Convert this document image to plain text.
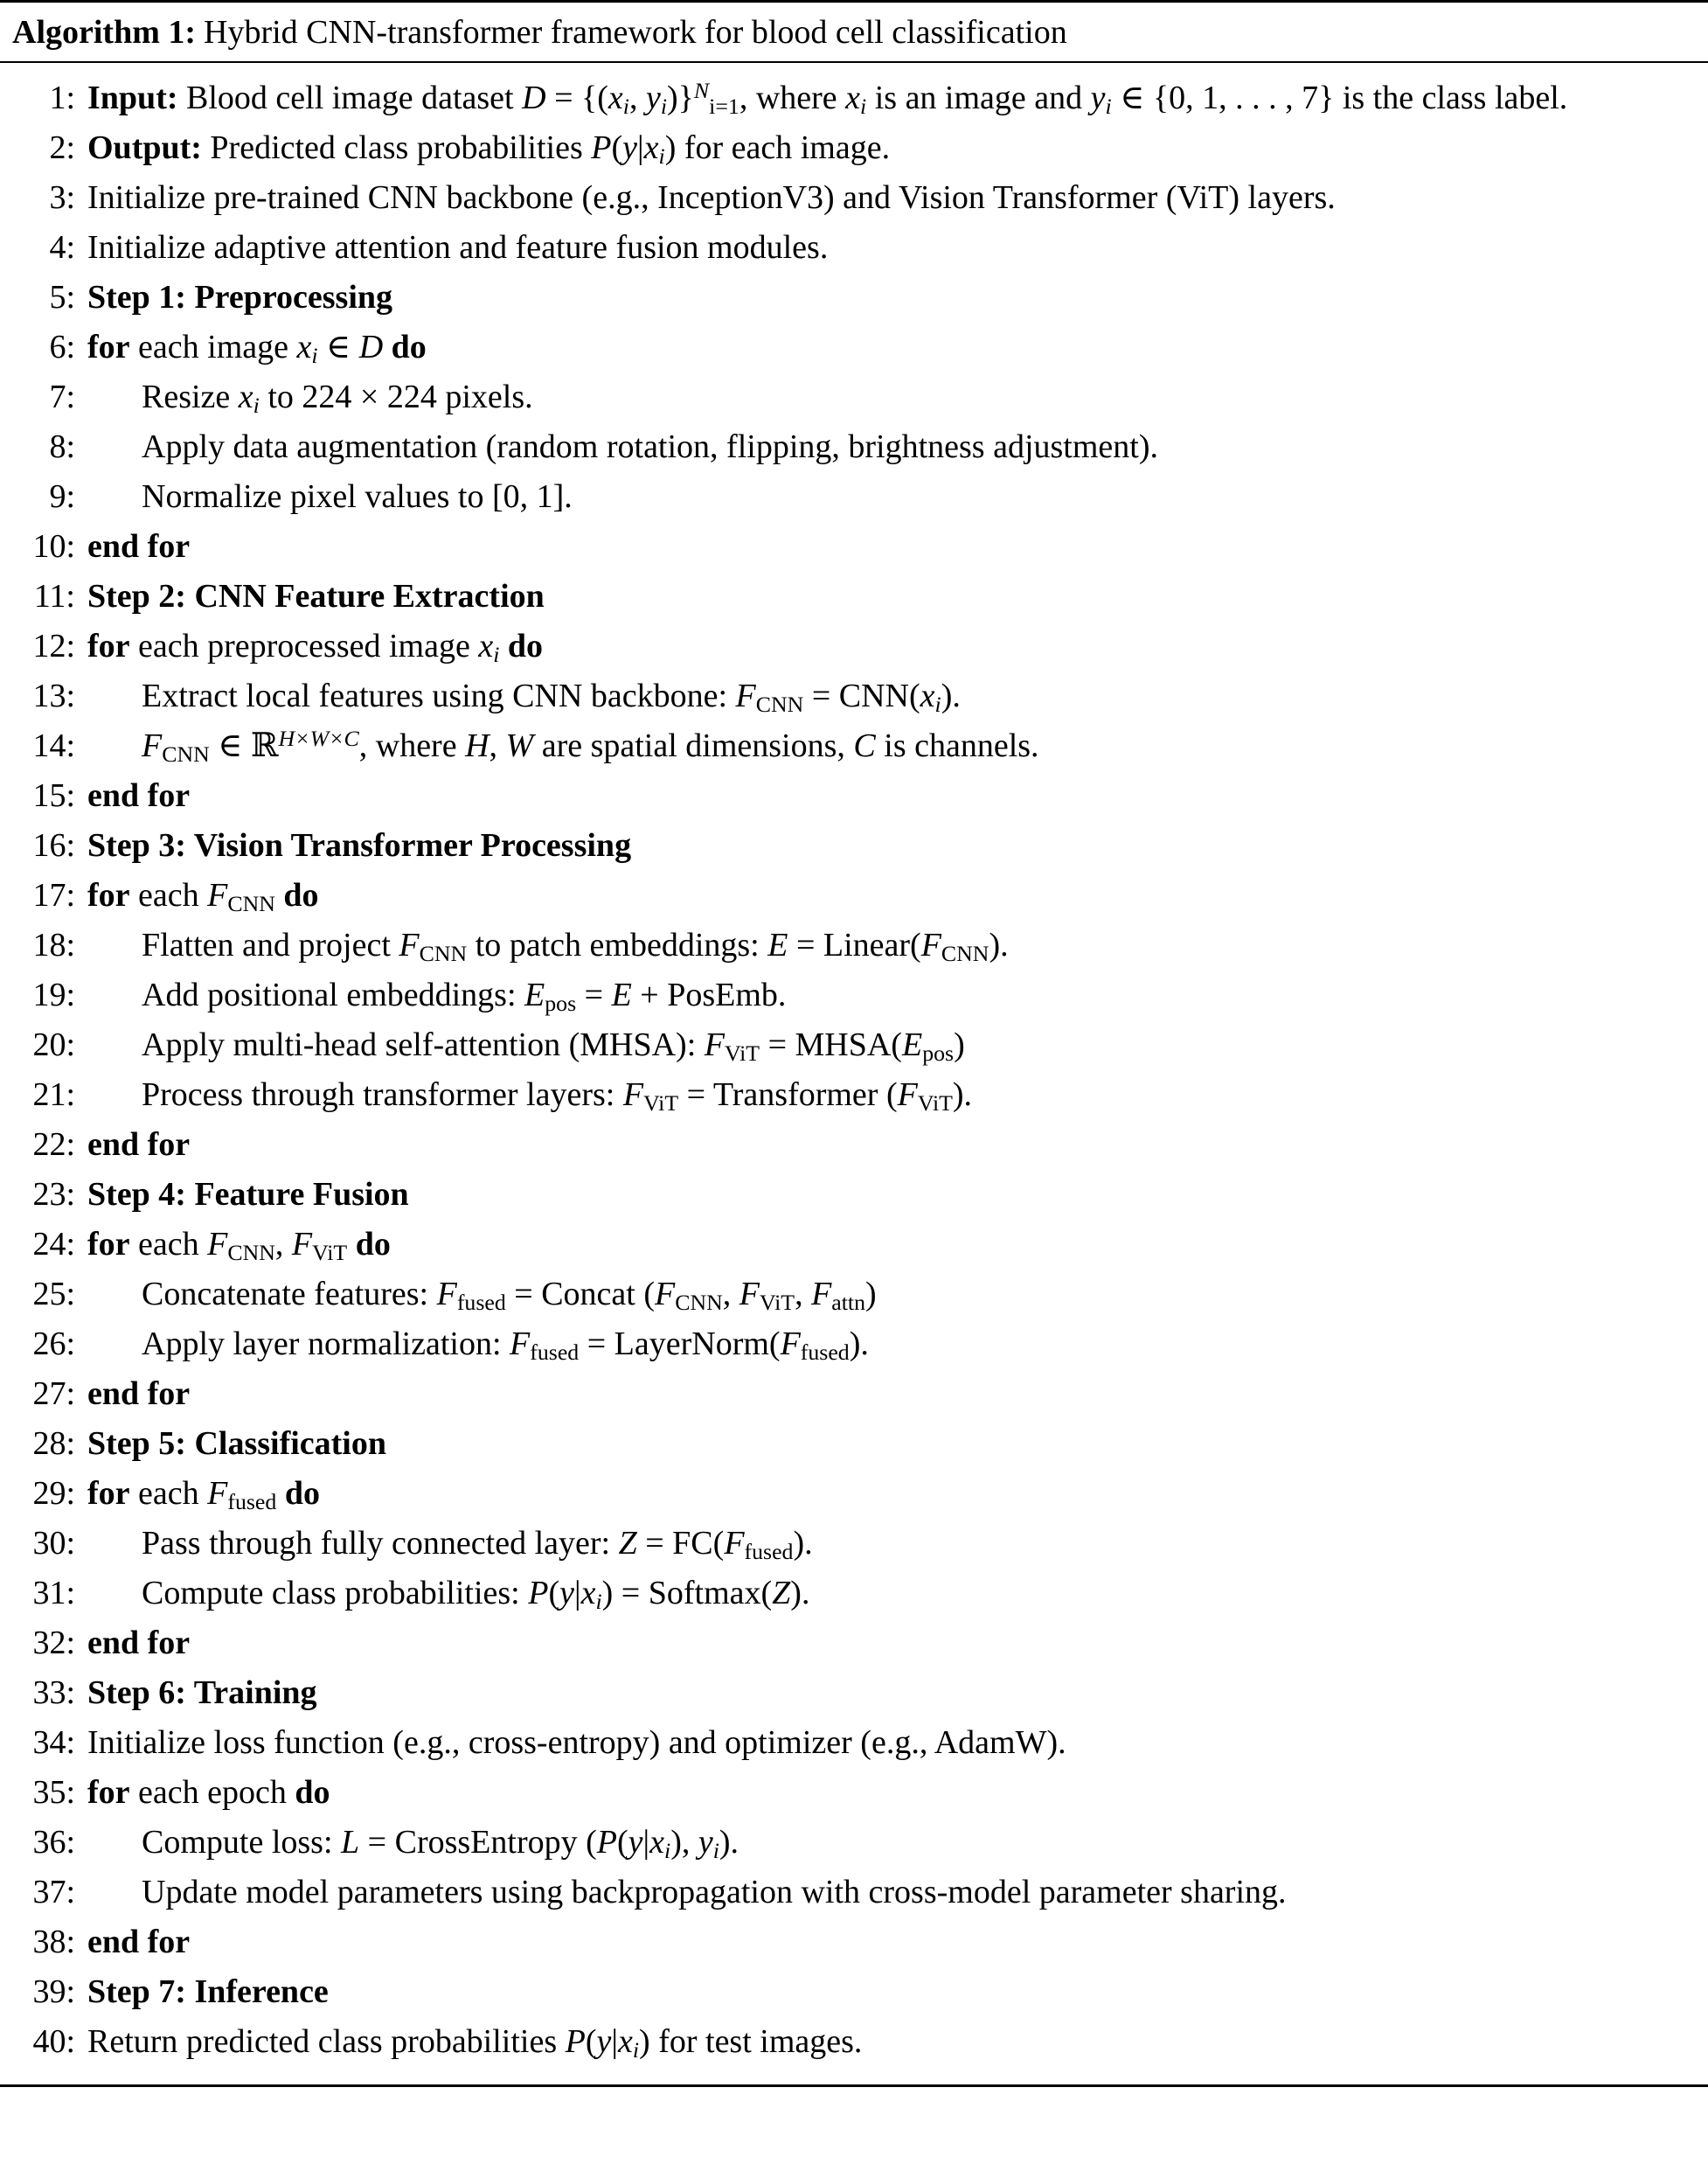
Algorithm 1: Hybrid CNN-transformer framework for blood cell classification
1: Input: Blood cell image dataset $D = \{(x_i$, $y_i)\}^N_{i=1}$, where $x_i$ is an image and $y_i$ ∈ {0, 1, . . . , 7} is the class label.
2: Output: Predicted class probabilities $P(y|x_i)$ for each image.
3: Initialize pre-trained CNN backbone (e.g., InceptionV3) and Vision Transformer (ViT) layers.
4: Initialize adaptive attention and feature fusion modules.
5: Step 1: Preprocessing
6: for each image $x_i$ ∈ D do
7:	Resize $x_i$ to 224 × 224 pixels.
8:	Apply data augmentation (random rotation, flipping, brightness adjustment).
9:	Normalize pixel values to [0, 1].
10: end for
11: Step 2: CNN Feature Extraction
12: for each preprocessed image $x_i$ do
13:	Extract local features using CNN backbone: $F_{CNN} = CNN(x_i)$.
14:	$F_{CNN}$ ∈ ℝ$^{H\times W\times C}$, where H, W are spatial dimensions, C is channels.
15: end for
16: Step 3: Vision Transformer Processing
17: for each $F_{CNN}$ do
18:	Flatten and project $F_{CNN}$ to patch embeddings: $E = Linear(F_{CNN})$.
19:	Add positional embeddings: $E_{pos} = E$ + PosEmb.
20:	Apply multi-head self-attention (MHSA): $F_{ViT}$ = $MHSA(E_{pos})$
21:	Process through transformer layers: $F_{ViT}$ = Transformer $(F_{ViT})$.
22: end for
23: Step 4: Feature Fusion
24: for each $F_{CNN}$, $F_{ViT}$ do
25:	Concatenate features: $F_{fused}$ = Concat ($F_{CNN}$, $F_{ViT}$, $F_{attn}$)
26:	Apply layer normalization: $F_{fused}$ = $LayerNorm(F_{fused})$.
27: end for
28: Step 5: Classification
29: for each $F_{fused}$ do
30:	Pass through fully connected layer: $Z = FC(F_{fused})$.
31:	Compute class probabilities: $P(y|x_i)$ = Softmax(Z).
32: end for
33: Step 6: Training
34: Initialize loss function (e.g., cross-entropy) and optimizer (e.g., AdamW).
35: for each epoch do
36:	Compute loss: L = CrossEntropy ($P(y|x_i)$, $y_i$).
37:	Update model parameters using backpropagation with cross-model parameter sharing.
38: end for
39: Step 7: Inference
40: Return predicted class probabilities $P(y|x_i)$ for test images.
